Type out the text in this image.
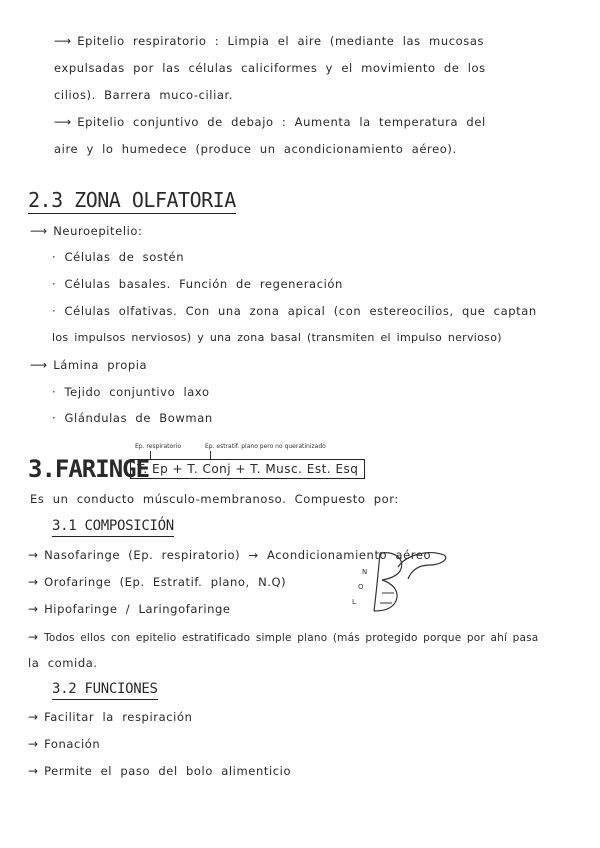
⟶ Epitelio respiratorio : Limpia el aire (mediante las mucosas
expulsadas por las células caliciformes y el movimiento de los
cilios). Barrera muco-ciliar.
⟶ Epitelio conjuntivo de debajo : Aumenta la temperatura del
aire y lo humedece (produce un acondicionamiento aéreo).
2.3 ZONA OLFATORIA
⟶ Neuroepitelio:
· Células de sostén
· Células basales. Función de regeneración
· Células olfativas. Con una zona apical (con estereocilios, que captan
los impulsos nerviosos) y una zona basal (transmiten el impulso nervioso)
⟶ Lámina propia
· Tejido conjuntivo laxo
· Glándulas de Bowman
3.FARINGE
Ep. respiratorio	Ep. estratif. plano pero no queratinizado
T. Ep + T. Conj + T. Musc. Est. Esq
Es un conducto músculo-membranoso. Compuesto por:
3.1 COMPOSICIÓN
→ Nasofaringe (Ep. respiratorio) → Acondicionamiento aéreo
→ Orofaringe (Ep. Estratif. plano, N.Q)
→ Hipofaringe / Laringofaringe
→ Todos ellos con epitelio estratificado simple plano (más protegido porque por ahí pasa
la comida.
N
O
L
3.2 FUNCIONES
→ Facilitar la respiración
→ Fonación
→ Permite el paso del bolo alimenticio
